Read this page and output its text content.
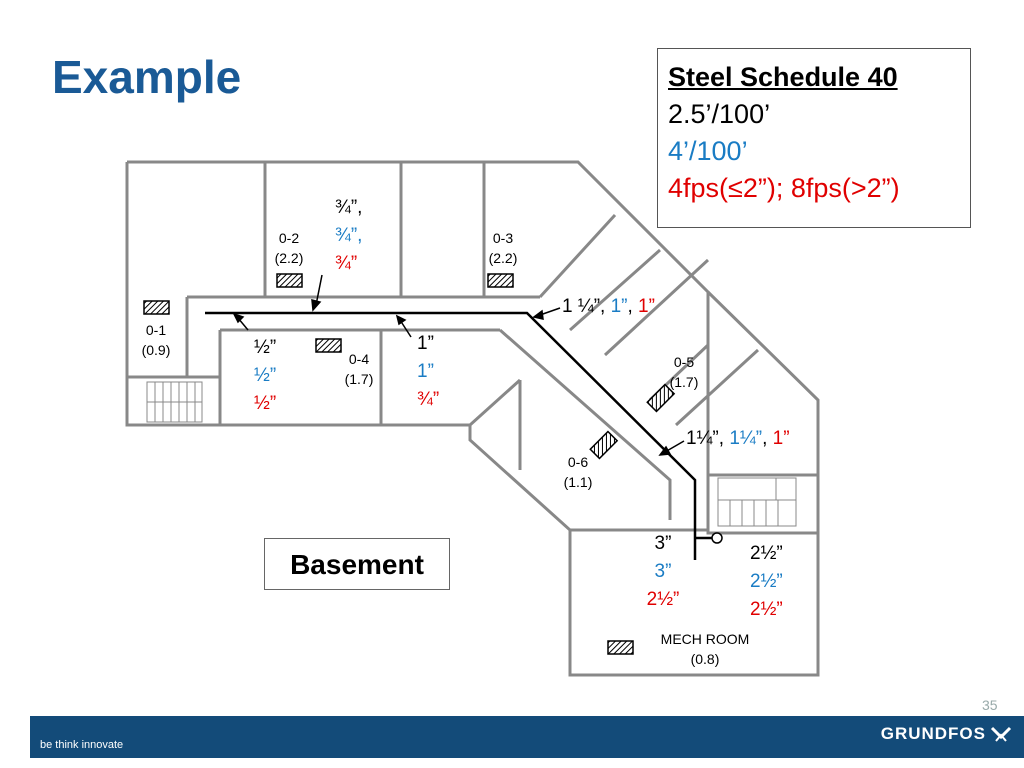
Example	Steel Schedule 40
2.5’/100’
4’/100’
4fps(≤2”); 8fps(>2”)
0-2
(2.2)
0-3
(2.2)
0-1
(0.9)
0-4
(1.7)
0-5
(1.7)
0-6
(1.1)
MECH ROOM
(0.8)
¾”,
¾”,
¾”
½”
½”
½”
1”
1”
¾”
1 ¼”, 1”, 1”
1¼”, 1¼”, 1”
3”
3”
2½”
2½”
2½”
2½”
Basement
35
be think innovate
GRUNDFOS
